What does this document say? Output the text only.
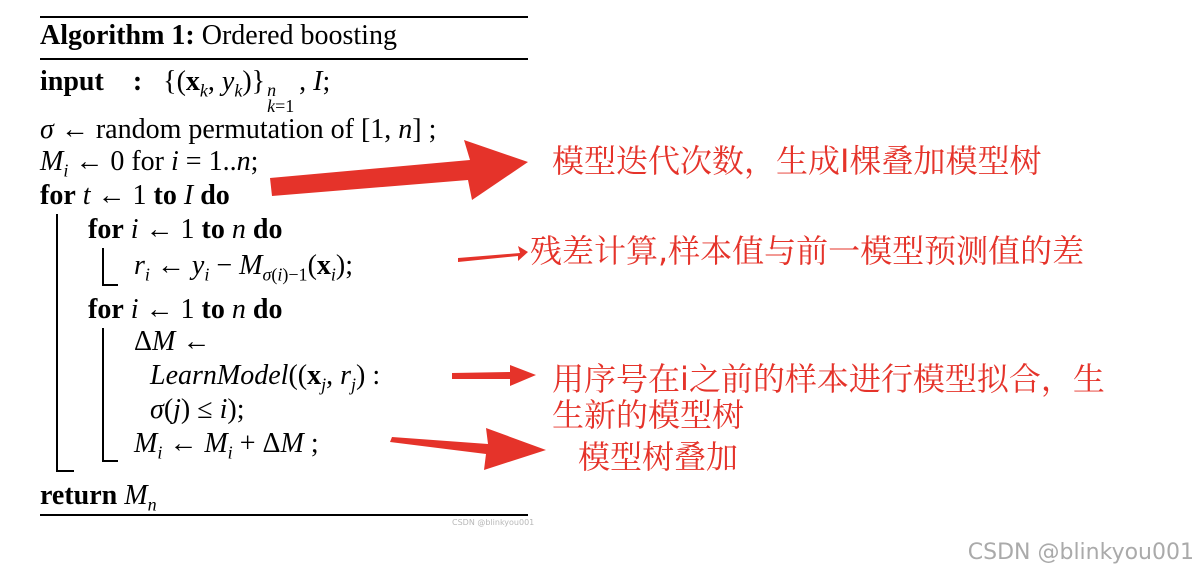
Algorithm 1: Ordered boosting
input : {($x_k$, $y_k$)} n
k=1
, I;
σ ← random permutation of [1, n] ;
$M_i$ ← 0 for i = 1..n;
for t ← 1 to I do
for i ← 1 to n do
$r_i$ ← $y_i - M_{\sigma(i)-1}(x_i)$;
for i ← 1 to n do
ΔM ←
$LearnModel((x_j$, $r_j$) :
σ(j) ≤ i);
$M_i$ ← $M_i + \Delta M$ ;
return $M_n$
CSDN @blinkyou001
模型迭代次数，生成I棵叠加模型树
残差计算,样本值与前一模型预测值的差
用序号在i之前的样本进行模型拟合，生
生新的模型树
模型树叠加
CSDN @blinkyou001
